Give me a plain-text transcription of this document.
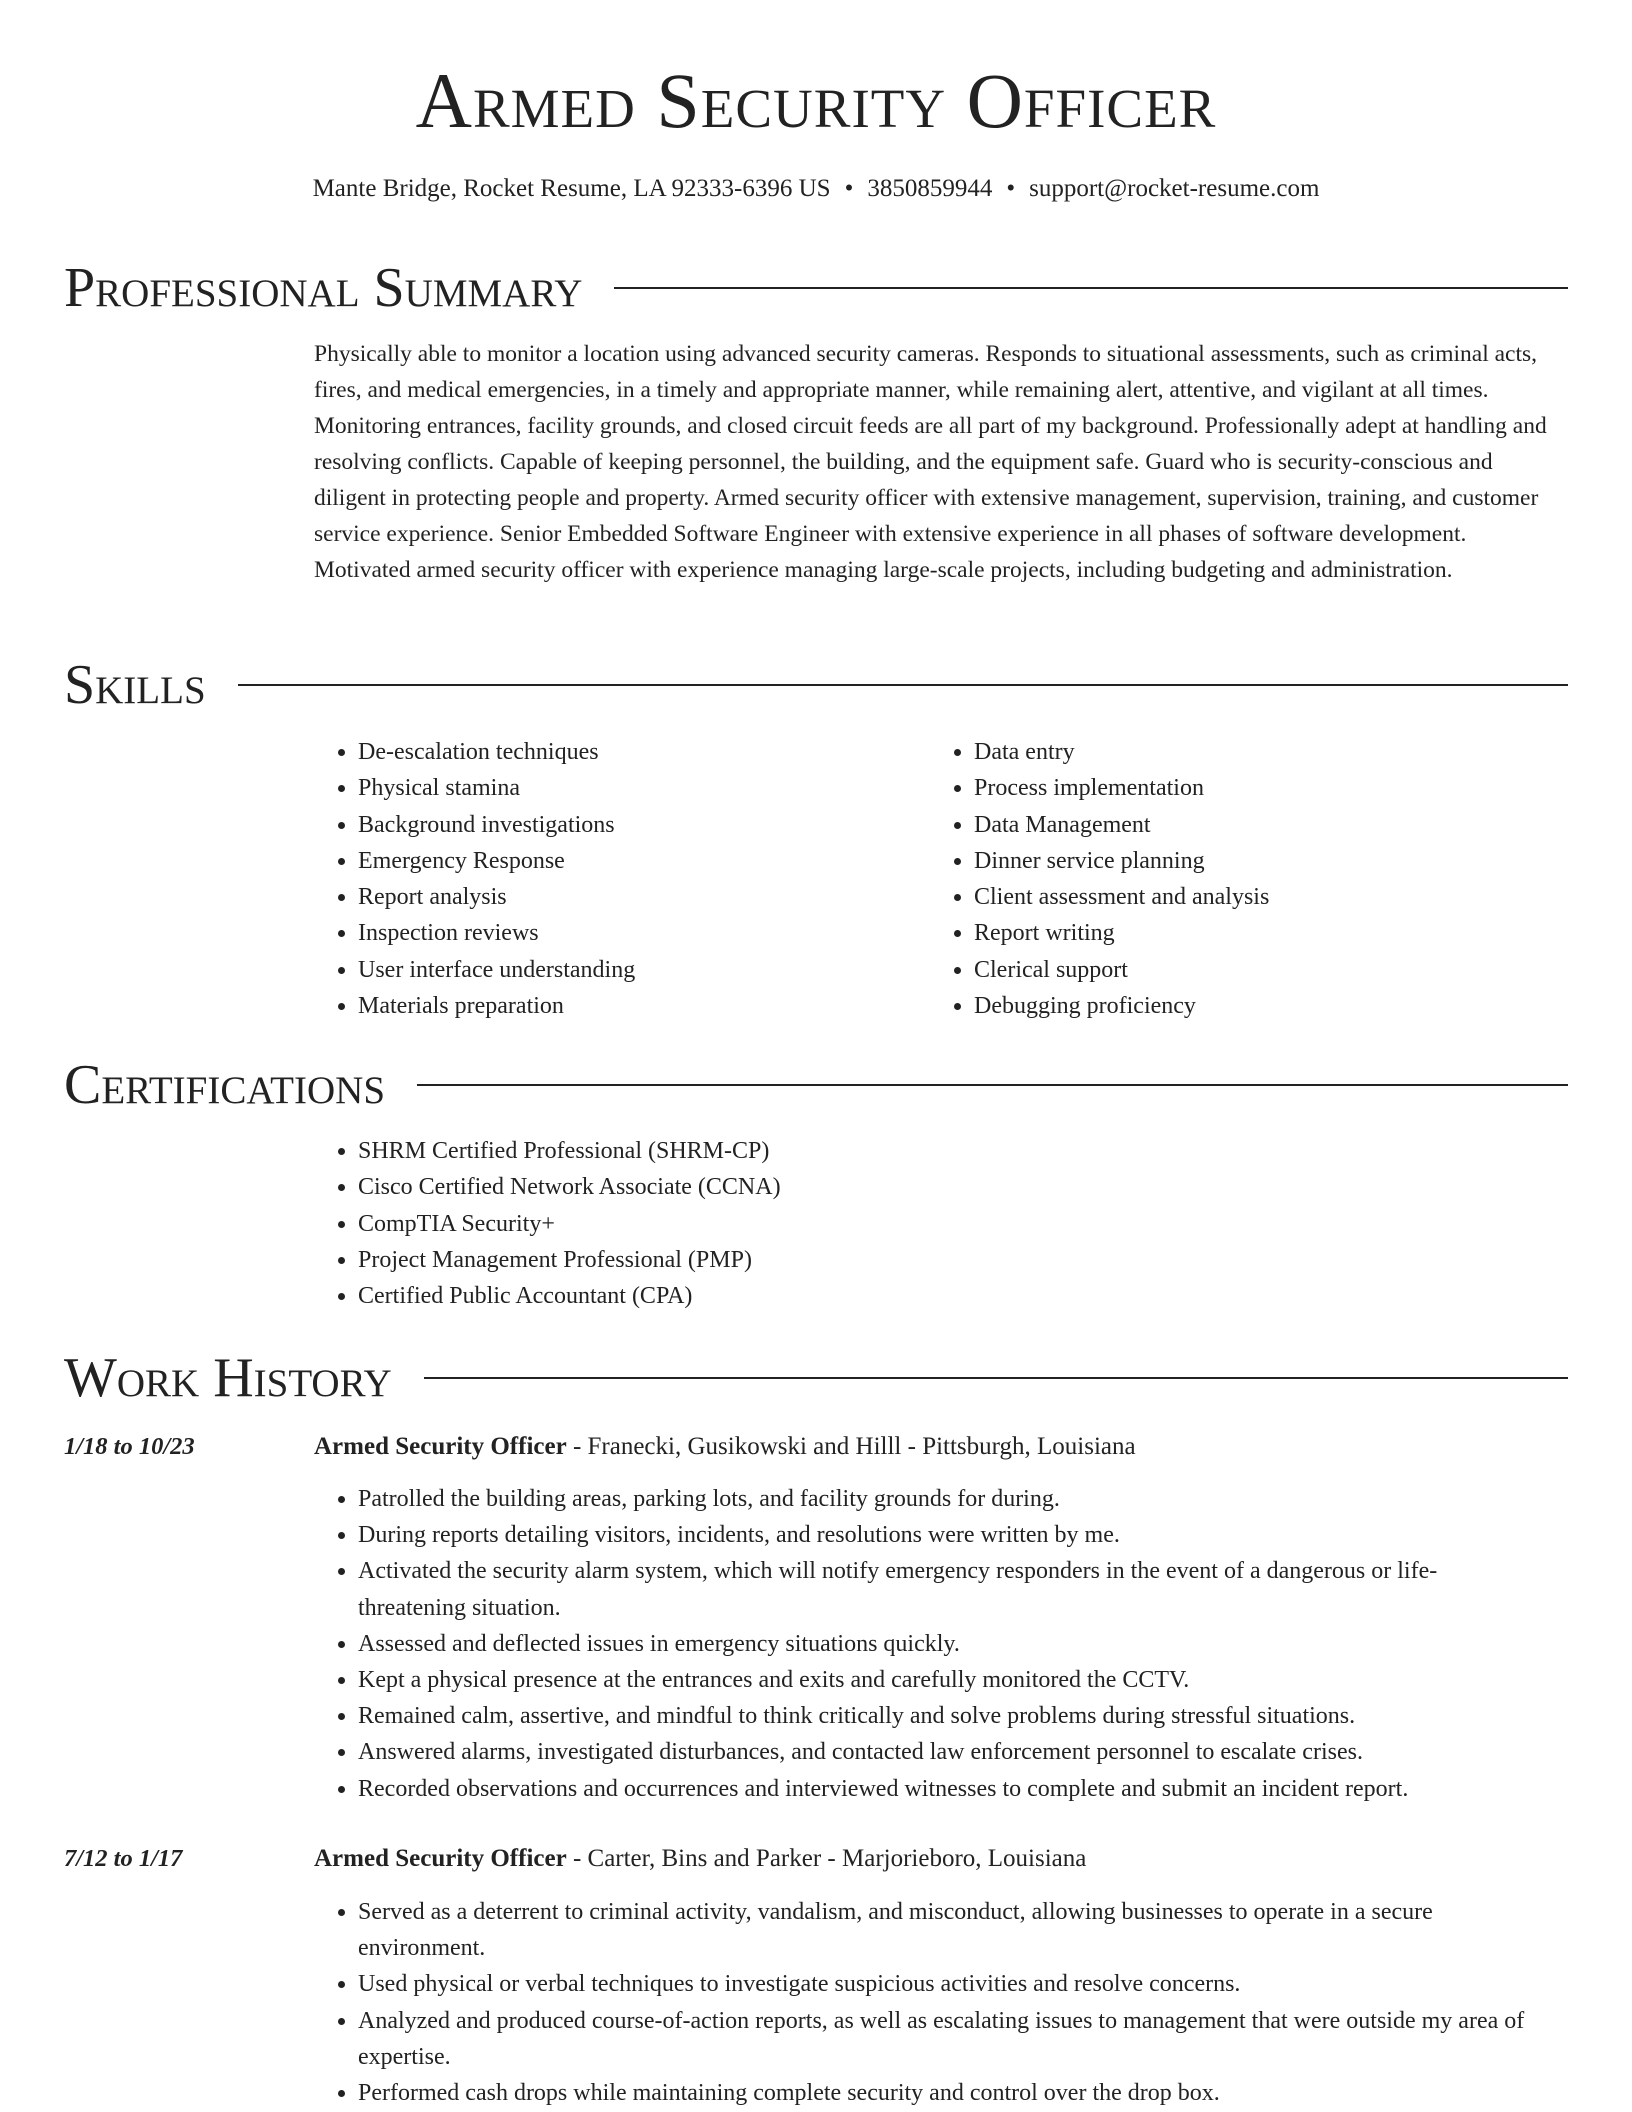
Armed Security Officer
Mante Bridge, Rocket Resume, LA 92333-6396 US • 3850859944 • support@rocket-resume.com
Professional Summary
Physically able to monitor a location using advanced security cameras. Responds to situational assessments, such as criminal acts, fires, and medical emergencies, in a timely and appropriate manner, while remaining alert, attentive, and vigilant at all times. Monitoring entrances, facility grounds, and closed circuit feeds are all part of my background. Professionally adept at handling and resolving conflicts. Capable of keeping personnel, the building, and the equipment safe. Guard who is security-conscious and diligent in protecting people and property. Armed security officer with extensive management, supervision, training, and customer service experience. Senior Embedded Software Engineer with extensive experience in all phases of software development. Motivated armed security officer with experience managing large-scale projects, including budgeting and administration.
Skills
• De-escalation techniques
• Physical stamina
• Background investigations
• Emergency Response
• Report analysis
• Inspection reviews
• User interface understanding
• Materials preparation
• Data entry
• Process implementation
• Data Management
• Dinner service planning
• Client assessment and analysis
• Report writing
• Clerical support
• Debugging proficiency
Certifications
• SHRM Certified Professional (SHRM-CP)
• Cisco Certified Network Associate (CCNA)
• CompTIA Security+
• Project Management Professional (PMP)
• Certified Public Accountant (CPA)
Work History
1/18 to 10/23	Armed Security Officer - Franecki, Gusikowski and Hilll - Pittsburgh, Louisiana
• Patrolled the building areas, parking lots, and facility grounds for during.
• During reports detailing visitors, incidents, and resolutions were written by me.
• Activated the security alarm system, which will notify emergency responders in the event of a dangerous or life-threatening situation.
• Assessed and deflected issues in emergency situations quickly.
• Kept a physical presence at the entrances and exits and carefully monitored the CCTV.
• Remained calm, assertive, and mindful to think critically and solve problems during stressful situations.
• Answered alarms, investigated disturbances, and contacted law enforcement personnel to escalate crises.
• Recorded observations and occurrences and interviewed witnesses to complete and submit an incident report.
7/12 to 1/17	Armed Security Officer - Carter, Bins and Parker - Marjorieboro, Louisiana
• Served as a deterrent to criminal activity, vandalism, and misconduct, allowing businesses to operate in a secure environment.
• Used physical or verbal techniques to investigate suspicious activities and resolve concerns.
• Analyzed and produced course-of-action reports, as well as escalating issues to management that were outside my area of expertise.
• Performed cash drops while maintaining complete security and control over the drop box.
